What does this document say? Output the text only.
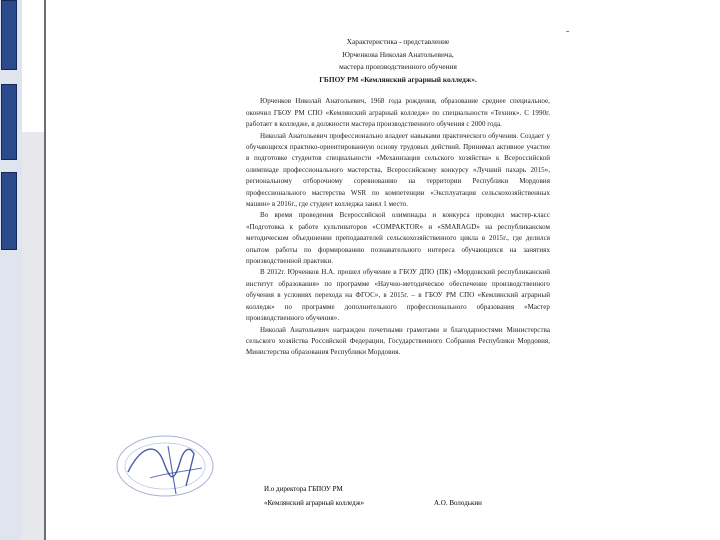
-
Характеристика - представление
Юрченкова Николая Анатольевича,
мастера производственного обучения
ГБПОУ РМ «Кемлянский аграрный колледж».

Юрченков Николай Анатольевич, 1968 года рождения, образование среднее специальное, окончил ГБОУ РМ СПО «Кемлянский аграрный колледж» по специальности «Техник». С 1990г. работает в колледже, в должности мастера производственного обучения с 2000 года.

Николай Анатольевич профессионально владеет навыками практического обучения. Создает у обучающихся практико-ориентированную основу трудовых действий. Принимал активное участие в подготовке студентов специальности «Механизация сельского хозяйства» к Всероссийской олимпиаде профессионального мастерства, Всероссийскому конкурсу «Лучший пахарь 2015», региональному отборочному соревнованию на территории Республики Мордовия профессионального мастерства WSR по компетенции «Эксплуатация сельскохозяйственных машин» в 2016г., где студент колледжа занял 1 место.

Во время проведения Всероссийской олимпиады и конкурса проводил мастер-класс «Подготовка к работе культиваторов «COMPAKTOR» и «SMARAGD» на республиканском методическом объединении преподавателей сельскохозяйственного цикла в 2015г., где делился опытом работы по формированию познавательного интереса обучающихся на занятиях производственной практики.

В 2012г. Юрченков Н.А. прошел обучение в ГБОУ ДПО (ПК) «Мордовский республиканский институт образования» по программе «Научно-методическое обеспечение производственного обучения в условиях перехода на ФГОС», в 2015г. – в ГБОУ РМ СПО «Кемлянский аграрный колледж» по программе дополнительного профессионального образования «Мастер производственного обучения».

Николай Анатольевич награжден почетными грамотами и благодарностями Министерства сельского хозяйства Российской Федерации, Государственного Собрания Республики Мордовия, Министерства образования Республики Мордовия.

И.о директора ГБПОУ РМ
«Кемлянский аграрный колледж»	А.О. Володькин
